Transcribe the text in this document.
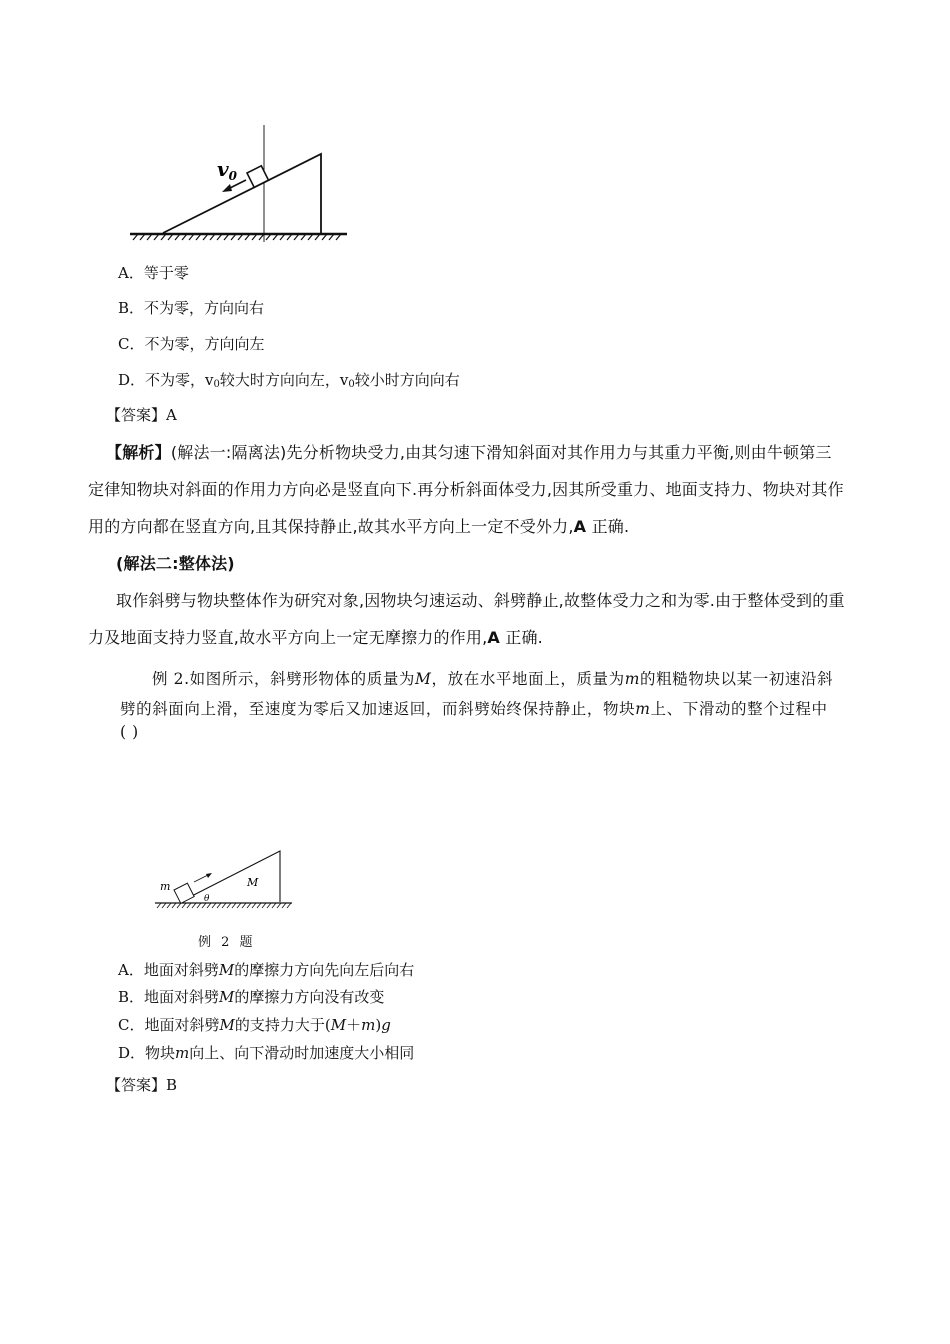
$v_0$
A．等于零
B．不为零，方向向右
C．不为零，方向向左
D．不为零，$v_0$较大时方向向左，$v_0$较小时方向向右
【答案】A
【解析】(解法一:隔离法)先分析物块受力,由其匀速下滑知斜面对其作用力与其重力平衡,则由牛顿第三
定律知物块对斜面的作用力方向必是竖直向下.再分析斜面体受力,因其所受重力、地面支持力、物块对其作
用的方向都在竖直方向,且其保持静止,故其水平方向上一定不受外力,A 正确.
(解法二:整体法)
取作斜劈与物块整体作为研究对象,因物块匀速运动、斜劈静止,故整体受力之和为零.由于整体受到的重
力及地面支持力竖直,故水平方向上一定无摩擦力的作用,A 正确.
例 2.如图所示，斜劈形物体的质量为M，放在水平地面上，质量为m的粗糙物块以某一初速沿斜
劈的斜面向上滑，至速度为零后又加速返回，而斜劈始终保持静止，物块m上、下滑动的整个过程中
( )
m	M
θ
例 2 题
A．地面对斜劈M的摩擦力方向先向左后向右
B．地面对斜劈M的摩擦力方向没有改变
C．地面对斜劈M的支持力大于(M＋m)g
D．物块m向上、向下滑动时加速度大小相同
【答案】B
